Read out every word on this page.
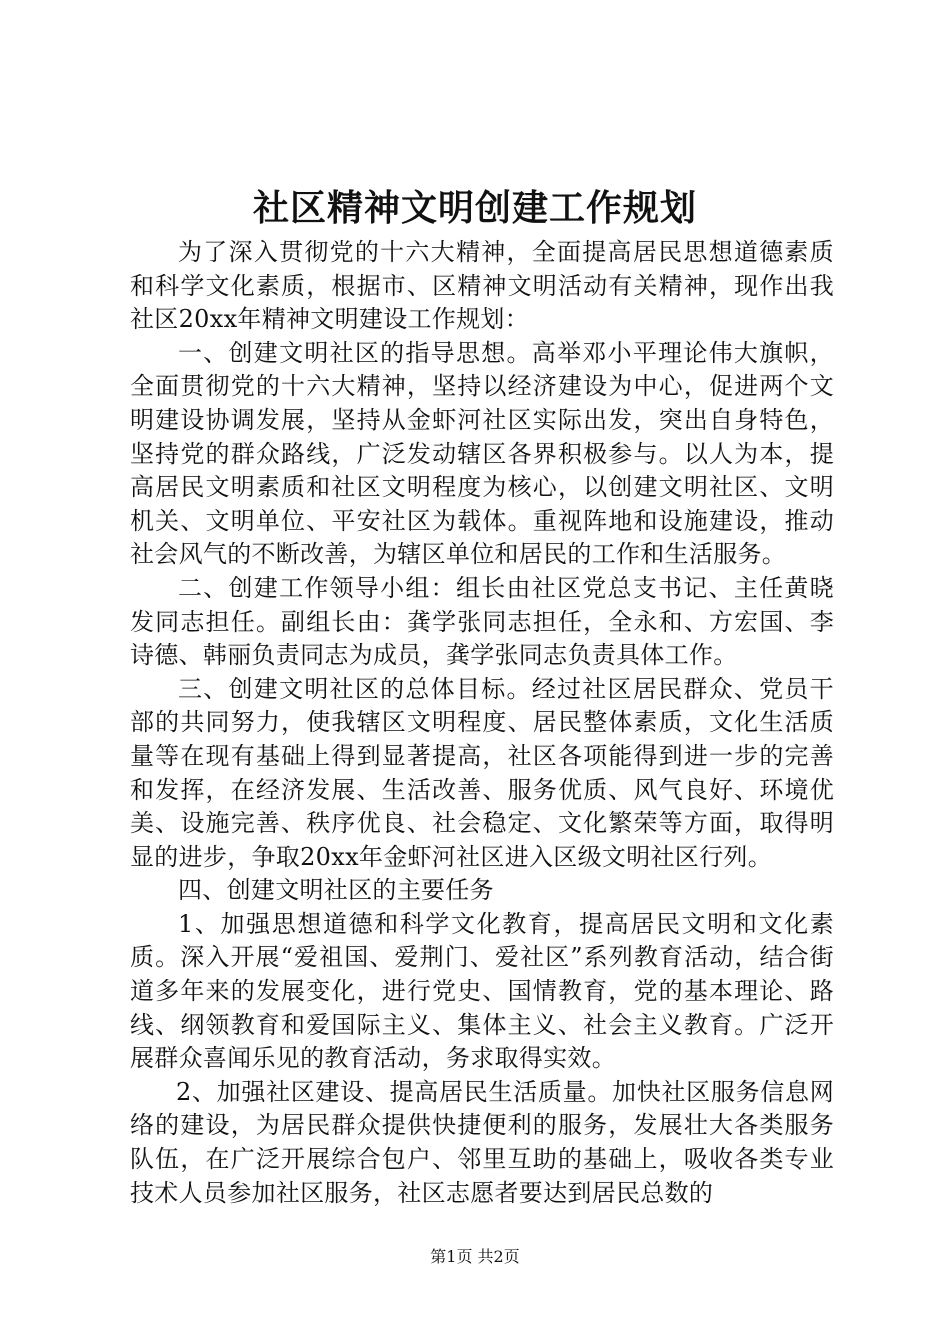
社区精神文明创建工作规划

为了深入贯彻党的十六大精神，全面提高居民思想道德素质和科学文化素质，根据市、区精神文明活动有关精神，现作出我社区20xx年精神文明建设工作规划：

一、创建文明社区的指导思想。高举邓小平理论伟大旗帜，全面贯彻党的十六大精神，坚持以经济建设为中心，促进两个文明建设协调发展，坚持从金虾河社区实际出发，突出自身特色，坚持党的群众路线，广泛发动辖区各界积极参与。以人为本，提高居民文明素质和社区文明程度为核心，以创建文明社区、文明机关、文明单位、平安社区为载体。重视阵地和设施建设，推动社会风气的不断改善，为辖区单位和居民的工作和生活服务。

二、创建工作领导小组：组长由社区党总支书记、主任黄晓发同志担任。副组长由：龚学张同志担任，全永和、方宏国、李诗德、韩丽负责同志为成员，龚学张同志负责具体工作。

三、创建文明社区的总体目标。经过社区居民群众、党员干部的共同努力，使我辖区文明程度、居民整体素质，文化生活质量等在现有基础上得到显著提高，社区各项能得到进一步的完善和发挥，在经济发展、生活改善、服务优质、风气良好、环境优美、设施完善、秩序优良、社会稳定、文化繁荣等方面，取得明显的进步，争取20xx年金虾河社区进入区级文明社区行列。

四、创建文明社区的主要任务

1、加强思想道德和科学文化教育，提高居民文明和文化素质。深入开展“爱祖国、爱荆门、爱社区”系列教育活动，结合街道多年来的发展变化，进行党史、国情教育，党的基本理论、路线、纲领教育和爱国际主义、集体主义、社会主义教育。广泛开展群众喜闻乐见的教育活动，务求取得实效。

2、加强社区建设、提高居民生活质量。加快社区服务信息网络的建设，为居民群众提供快捷便利的服务，发展壮大各类服务队伍，在广泛开展综合包户、邻里互助的基础上，吸收各类专业技术人员参加社区服务，社区志愿者要达到居民总数的

第1页 共2页
